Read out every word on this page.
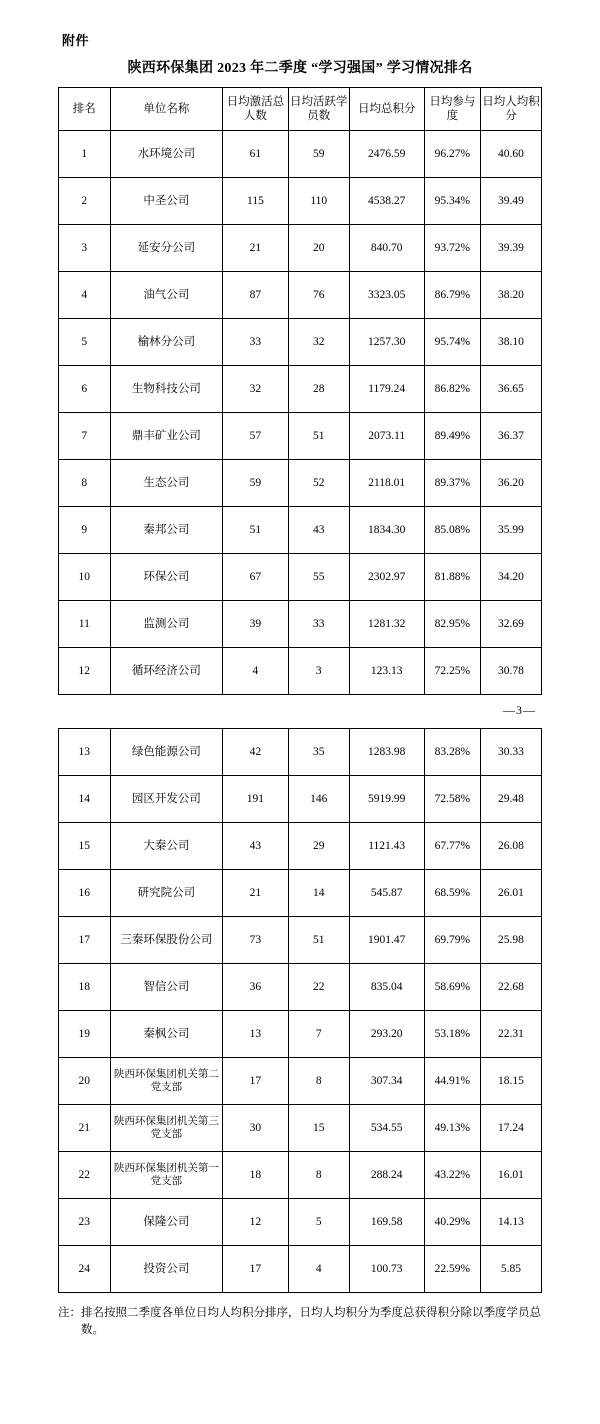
附件
陕西环保集团 2023 年二季度 “学习强国” 学习情况排名
排名	单位名称	日均激活总人数	日均活跃学员数	日均总积分	日均参与度	日均人均积分
1	水环境公司	61	59	2476.59	96.27%	40.60
2	中圣公司	115	110	4538.27	95.34%	39.49
3	延安分公司	21	20	840.70	93.72%	39.39
4	油气公司	87	76	3323.05	86.79%	38.20
5	榆林分公司	33	32	1257.30	95.74%	38.10
6	生物科技公司	32	28	1179.24	86.82%	36.65
7	鼎丰矿业公司	57	51	2073.11	89.49%	36.37
8	生态公司	59	52	2118.01	89.37%	36.20
9	秦邦公司	51	43	1834.30	85.08%	35.99
10	环保公司	67	55	2302.97	81.88%	34.20
11	监测公司	39	33	1281.32	82.95%	32.69
12	循环经济公司	4	3	123.13	72.25%	30.78
—3—
13	绿色能源公司	42	35	1283.98	83.28%	30.33
14	园区开发公司	191	146	5919.99	72.58%	29.48
15	大秦公司	43	29	1121.43	67.77%	26.08
16	研究院公司	21	14	545.87	68.59%	26.01
17	三秦环保股份公司	73	51	1901.47	69.79%	25.98
18	智信公司	36	22	835.04	58.69%	22.68
19	秦枫公司	13	7	293.20	53.18%	22.31
20	陕西环保集团机关第二党支部	17	8	307.34	44.91%	18.15
21	陕西环保集团机关第三党支部	30	15	534.55	49.13%	17.24
22	陕西环保集团机关第一党支部	18	8	288.24	43.22%	16.01
23	保隆公司	12	5	169.58	40.29%	14.13
24	投资公司	17	4	100.73	22.59%	5.85
注： 排名按照二季度各单位日均人均积分排序，日均人均积分为季度总获得积分除以季度学员总数。
